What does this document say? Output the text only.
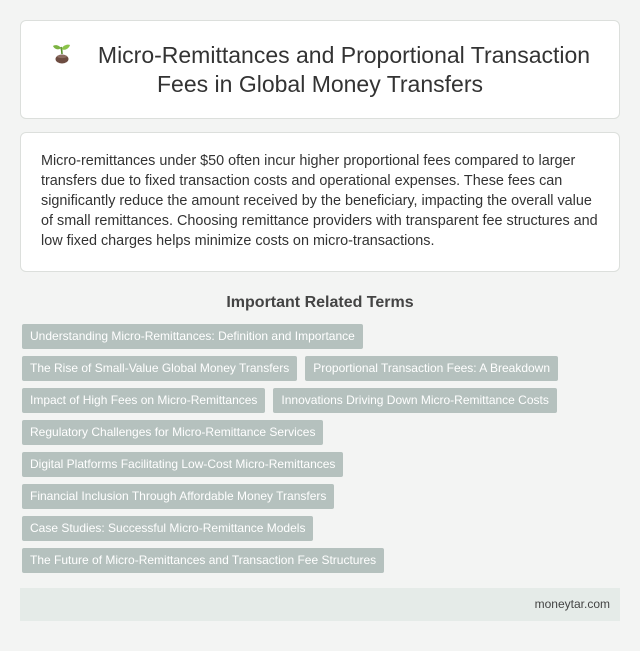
Micro-Remittances and Proportional Transaction Fees in Global Money Transfers

Micro-remittances under $50 often incur higher proportional fees compared to larger transfers due to fixed transaction costs and operational expenses. These fees can significantly reduce the amount received by the beneficiary, impacting the overall value of small remittances. Choosing remittance providers with transparent fee structures and low fixed charges helps minimize costs on micro-transactions.

Important Related Terms
Understanding Micro-Remittances: Definition and Importance
The Rise of Small-Value Global Money Transfers	Proportional Transaction Fees: A Breakdown
Impact of High Fees on Micro-Remittances	Innovations Driving Down Micro-Remittance Costs
Regulatory Challenges for Micro-Remittance Services
Digital Platforms Facilitating Low-Cost Micro-Remittances
Financial Inclusion Through Affordable Money Transfers
Case Studies: Successful Micro-Remittance Models
The Future of Micro-Remittances and Transaction Fee Structures
moneytar.com
